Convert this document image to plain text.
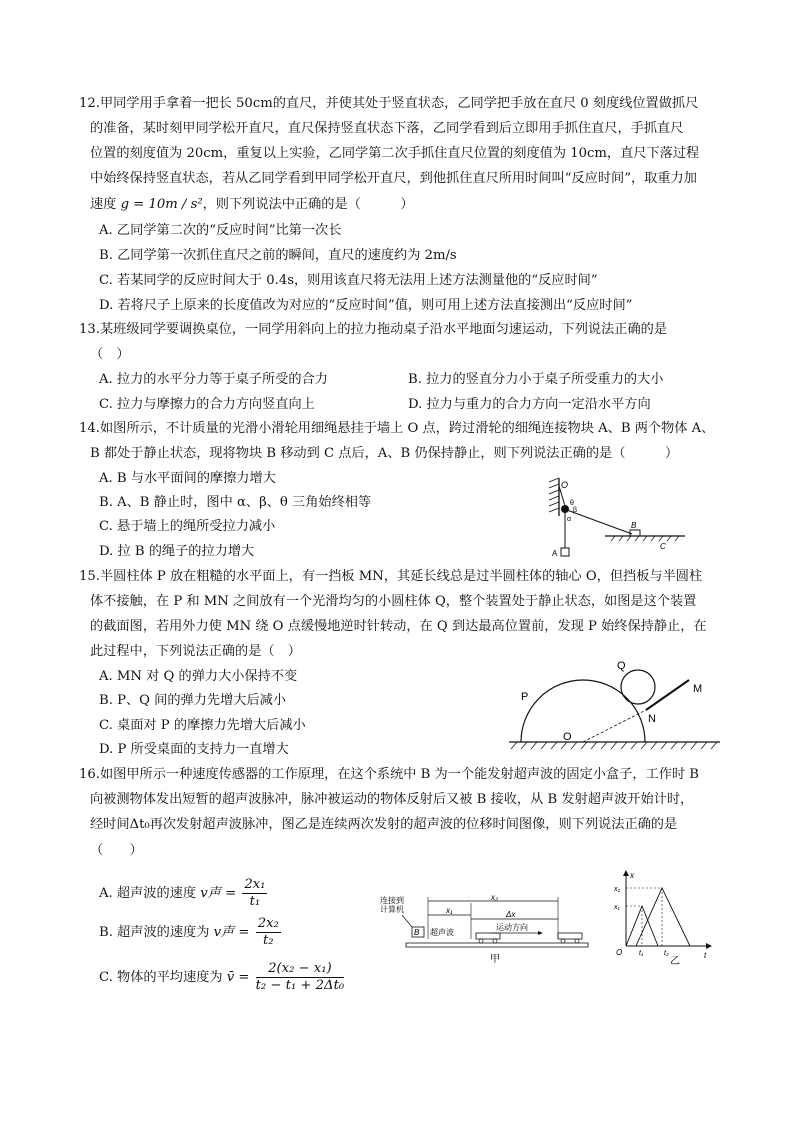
12.甲同学用手拿着一把长 50cm的直尺，并使其处于竖直状态，乙同学把手放在直尺 0 刻度线位置做抓尺
的准备，某时刻甲同学松开直尺，直尺保持竖直状态下落，乙同学看到后立即用手抓住直尺，手抓直尺
位置的刻度值为 20cm，重复以上实验，乙同学第二次手抓住直尺位置的刻度值为 10cm，直尺下落过程
中始终保持竖直状态，若从乙同学看到甲同学松开直尺，到他抓住直尺所用时间叫“反应时间”，取重力加
速度 g = 10m / s²，则下列说法中正确的是（　　　）
A. 乙同学第二次的“反应时间”比第一次长
B. 乙同学第一次抓住直尺之前的瞬间，直尺的速度约为 2m/s
C. 若某同学的反应时间大于 0.4s，则用该直尺将无法用上述方法测量他的“反应时间”
D. 若将尺子上原来的长度值改为对应的“反应时间”值，则可用上述方法直接测出“反应时间”
13.某班级同学要调换桌位，一同学用斜向上的拉力拖动桌子沿水平地面匀速运动，下列说法正确的是
（　）
A. 拉力的水平分力等于桌子所受的合力	B. 拉力的竖直分力小于桌子所受重力的大小
C. 拉力与摩擦力的合力方向竖直向上	D. 拉力与重力的合力方向一定沿水平方向
14.如图所示，不计质量的光滑小滑轮用细绳悬挂于墙上 O 点，跨过滑轮的细绳连接物块 A、B 两个物体 A、
B 都处于静止状态，现将物块 B 移动到 C 点后，A、B 仍保持静止，则下列说法正确的是（　　　）
A. B 与水平面间的摩擦力增大
B. A、B 静止时，图中 α、β、θ 三角始终相等
C. 悬于墙上的绳所受拉力减小
D. 拉 B 的绳子的拉力增大
O
θ
β
α
A
B
C
15.半圆柱体 P 放在粗糙的水平面上，有一挡板 MN，其延长线总是过半圆柱体的轴心 O，但挡板与半圆柱
体不接触，在 P 和 MN 之间放有一个光滑均匀的小圆柱体 Q，整个装置处于静止状态，如图是这个装置
的截面图，若用外力使 MN 绕 O 点缓慢地逆时针转动，在 Q 到达最高位置前，发现 P 始终保持静止，在
此过程中，下列说法正确的是（　）
A. MN 对 Q 的弹力大小保持不变
B. P、Q 间的弹力先增大后减小
C. 桌面对 P 的摩擦力先增大后减小
D. P 所受桌面的支持力一直增大
P
Q
M
N
O
16.如图甲所示一种速度传感器的工作原理，在这个系统中 B 为一个能发射超声波的固定小盒子，工作时 B
向被测物体发出短暂的超声波脉冲，脉冲被运动的物体反射后又被 B 接收，从 B 发射超声波开始计时，
经时间Δt₀再次发射超声波脉冲，图乙是连续两次发射的超声波的位移时间图像，则下列说法正确的是
（　　）
A. 超声波的速度 v声 = $\frac{\text{2x₁}}{\text{t₁}}$
B. 超声波的速度为 v声 = $\frac{\text{2x₂}}{\text{t₂}}$
C. 物体的平均速度为 v̄ = $\frac{\text{2(x₂ − x₁)}}{\text{t₂ − t₁ + 2Δt₀}}$
连接到
计算机
x₂
x₁	Δx
运动方向
B 超声波
甲
x
x₂
x₁
O t₁	t₂	t
乙
